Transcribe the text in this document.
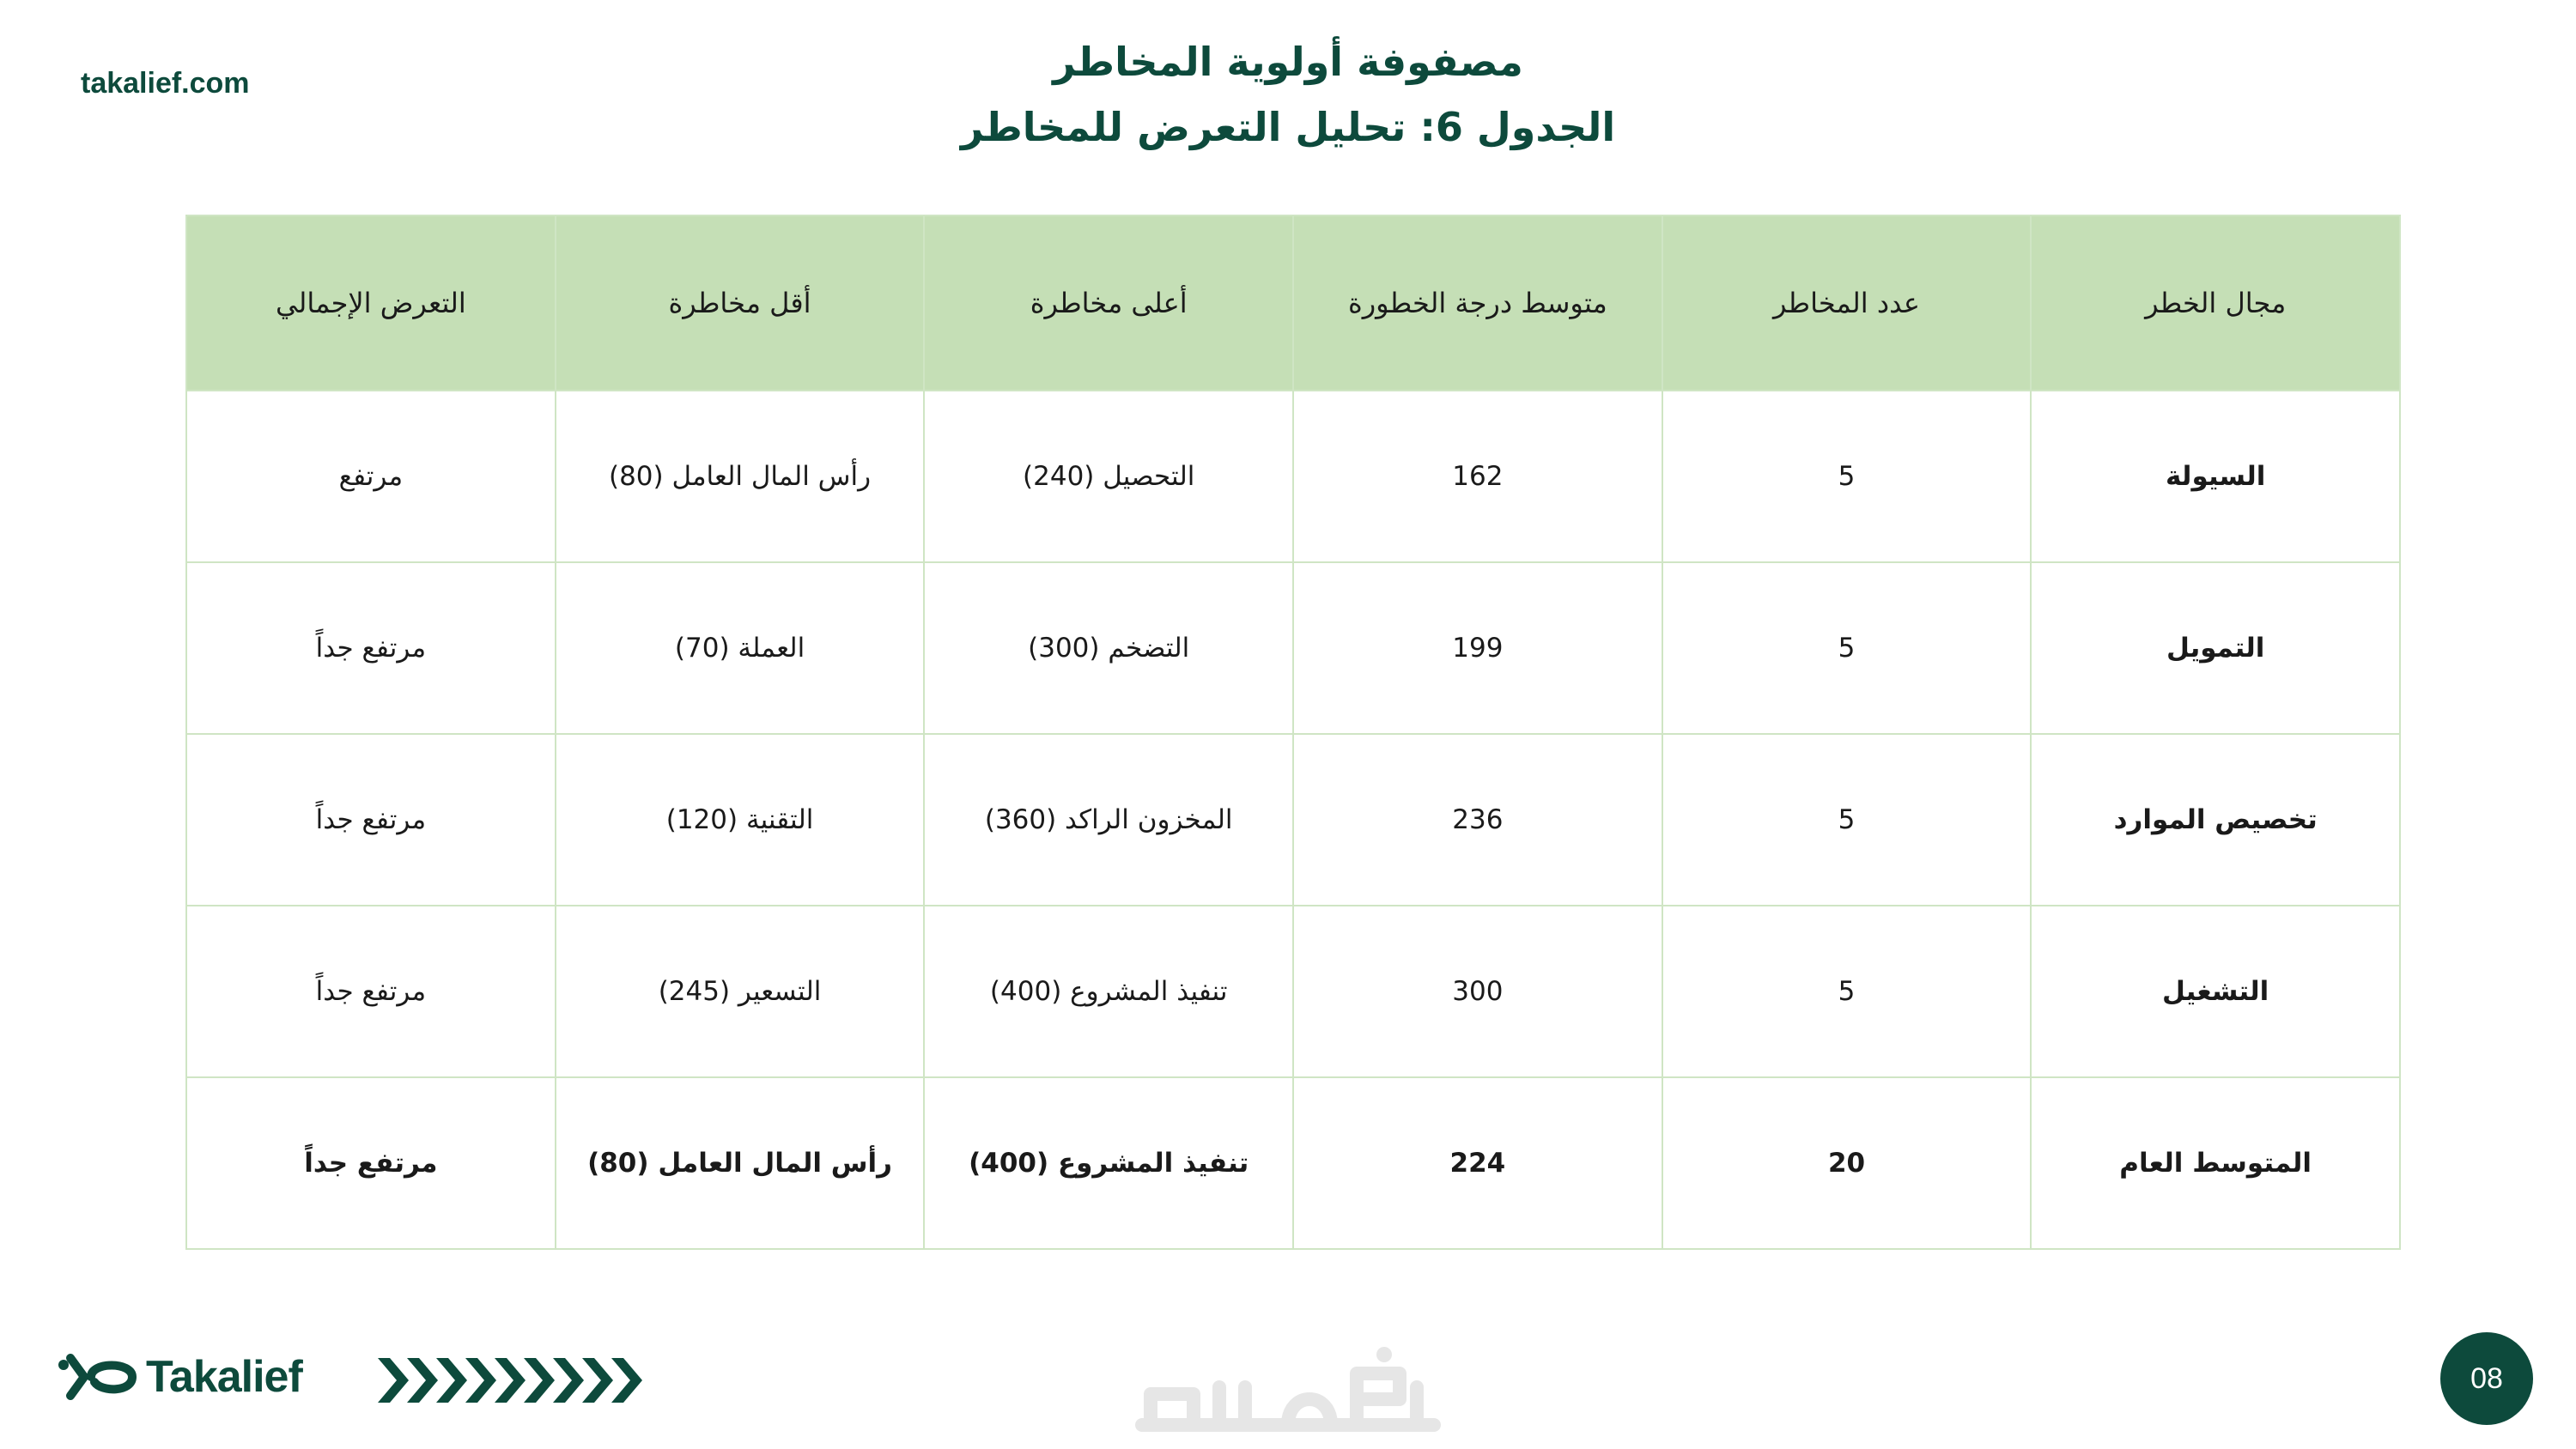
takalief.com	مصفوفة أولوية المخاطر
الجدول 6: تحليل التعرض للمخاطر
مجال الخطر	عدد المخاطر	متوسط درجة الخطورة	أعلى مخاطرة	أقل مخاطرة	التعرض الإجمالي
السيولة	5	162	التحصيل (240)	رأس المال العامل (80)	مرتفع
التمويل	5	199	التضخم (300)	العملة (70)	مرتفع جداً
تخصيص الموارد	5	236	المخزون الراكد (360)	التقنية (120)	مرتفع جداً
التشغيل	5	300	تنفيذ المشروع (400)	التسعير (245)	مرتفع جداً
المتوسط العام	20	224	تنفيذ المشروع (400)	رأس المال العامل (80)	مرتفع جداً
Takalief	08
